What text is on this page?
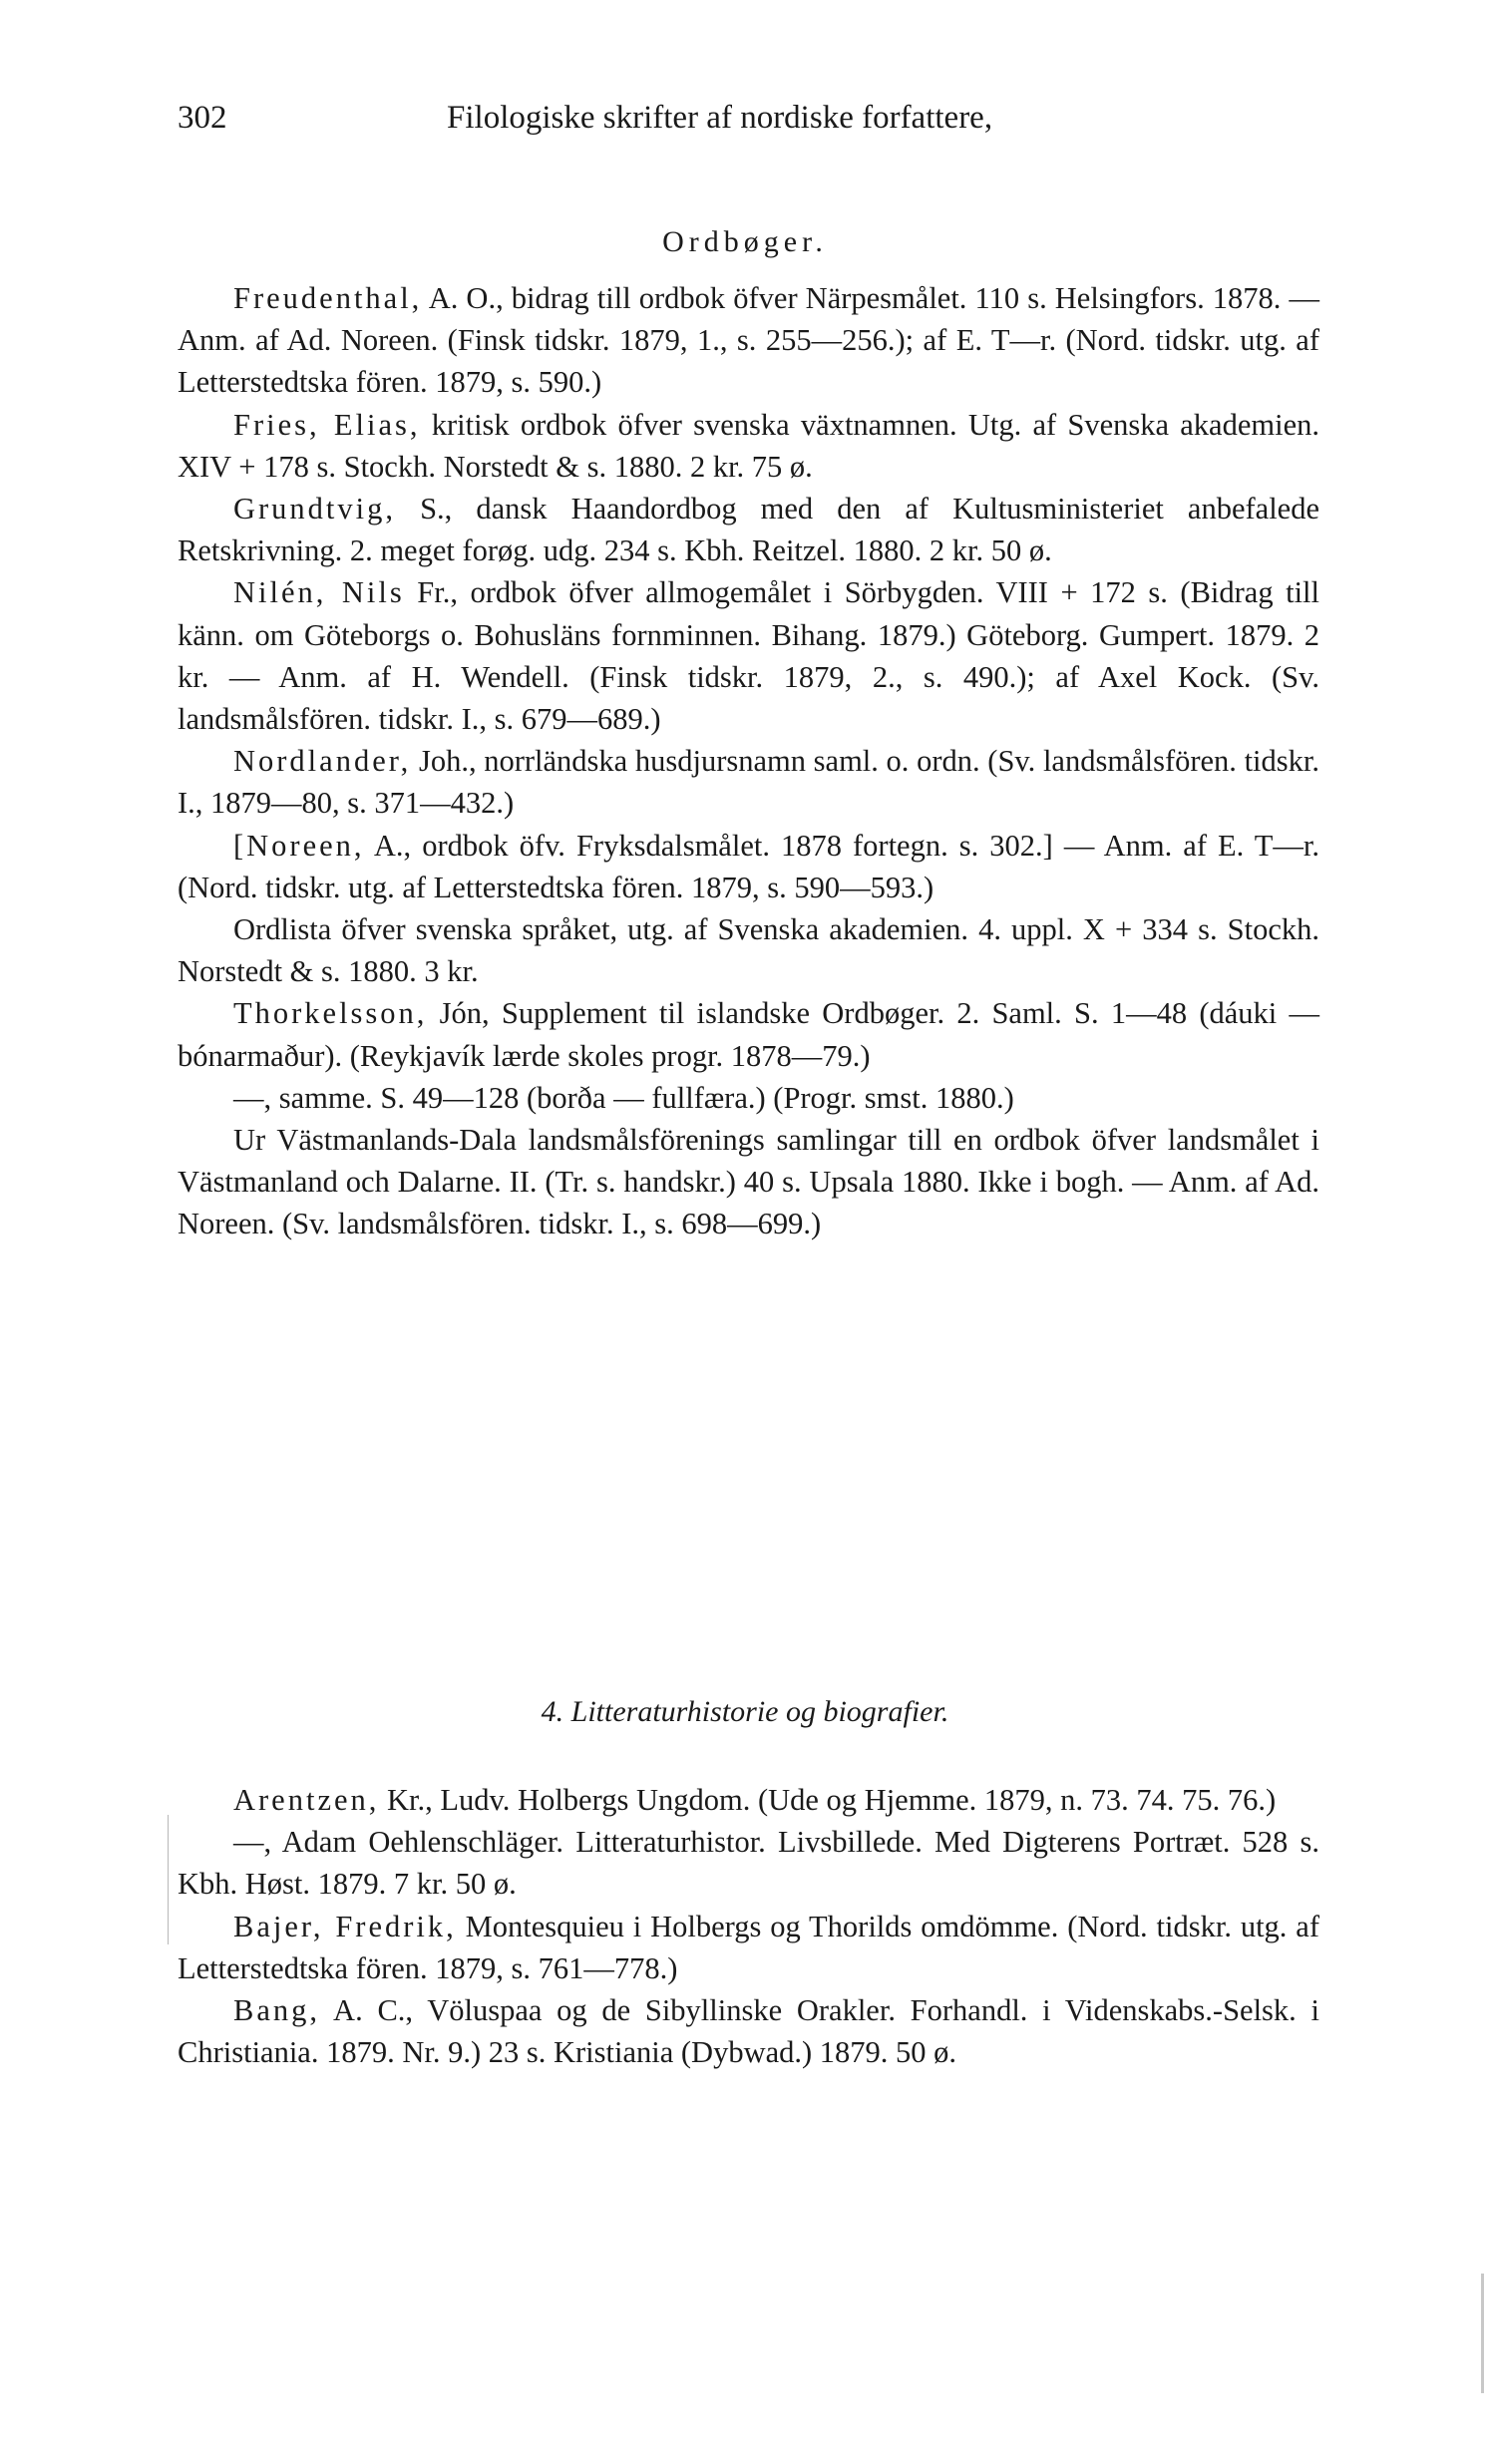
302	Filologiske skrifter af nordiske forfattere,
Ordbøger.

Freudenthal, A. O., bidrag till ordbok öfver Närpesmålet. 110 s. Helsingfors. 1878. — Anm. af Ad. Noreen. (Finsk tidskr. 1879, 1., s. 255—256.); af E. T—r. (Nord. tidskr. utg. af Letterstedtska fören. 1879, s. 590.)

Fries, Elias, kritisk ordbok öfver svenska växtnamnen. Utg. af Svenska akademien. XIV + 178 s. Stockh. Norstedt & s. 1880. 2 kr. 75 ø.

Grundtvig, S., dansk Haandordbog med den af Kultusministeriet anbefalede Retskrivning. 2. meget forøg. udg. 234 s. Kbh. Reitzel. 1880. 2 kr. 50 ø.

Nilén, Nils Fr., ordbok öfver allmogemålet i Sörbygden. VIII + 172 s. (Bidrag till känn. om Göteborgs o. Bohusläns fornminnen. Bihang. 1879.) Göteborg. Gumpert. 1879. 2 kr. — Anm. af H. Wendell. (Finsk tidskr. 1879, 2., s. 490.); af Axel Kock. (Sv. landsmålsfören. tidskr. I., s. 679—689.)

Nordlander, Joh., norrländska husdjursnamn saml. o. ordn. (Sv. landsmålsfören. tidskr. I., 1879—80, s. 371—432.)

[Noreen, A., ordbok öfv. Fryksdalsmålet. 1878 fortegn. s. 302.] — Anm. af E. T—r. (Nord. tidskr. utg. af Letterstedtska fören. 1879, s. 590—593.)

Ordlista öfver svenska språket, utg. af Svenska akademien. 4. uppl. X + 334 s. Stockh. Norstedt & s. 1880. 3 kr.

Thorkelsson, Jón, Supplement til islandske Ordbøger. 2. Saml. S. 1—48 (dáuki — bónarmaður). (Reykjavík lærde skoles progr. 1878—79.)

—, samme. S. 49—128 (borða — fullfæra.) (Progr. smst. 1880.)

Ur Västmanlands-Dala landsmålsförenings samlingar till en ordbok öfver landsmålet i Västmanland och Dalarne. II. (Tr. s. handskr.) 40 s. Upsala 1880. Ikke i bogh. — Anm. af Ad. Noreen. (Sv. landsmålsfören. tidskr. I., s. 698—699.)

4. Litteraturhistorie og biografier.

Arentzen, Kr., Ludv. Holbergs Ungdom. (Ude og Hjemme. 1879, n. 73. 74. 75. 76.)

—, Adam Oehlenschläger. Litteraturhistor. Livsbillede. Med Digterens Portræt. 528 s. Kbh. Høst. 1879. 7 kr. 50 ø.

Bajer, Fredrik, Montesquieu i Holbergs og Thorilds omdömme. (Nord. tidskr. utg. af Letterstedtska fören. 1879, s. 761—778.)

Bang, A. C., Völuspaa og de Sibyllinske Orakler. Forhandl. i Videnskabs.-Selsk. i Christiania. 1879. Nr. 9.) 23 s. Kristiania (Dybwad.) 1879. 50 ø.
